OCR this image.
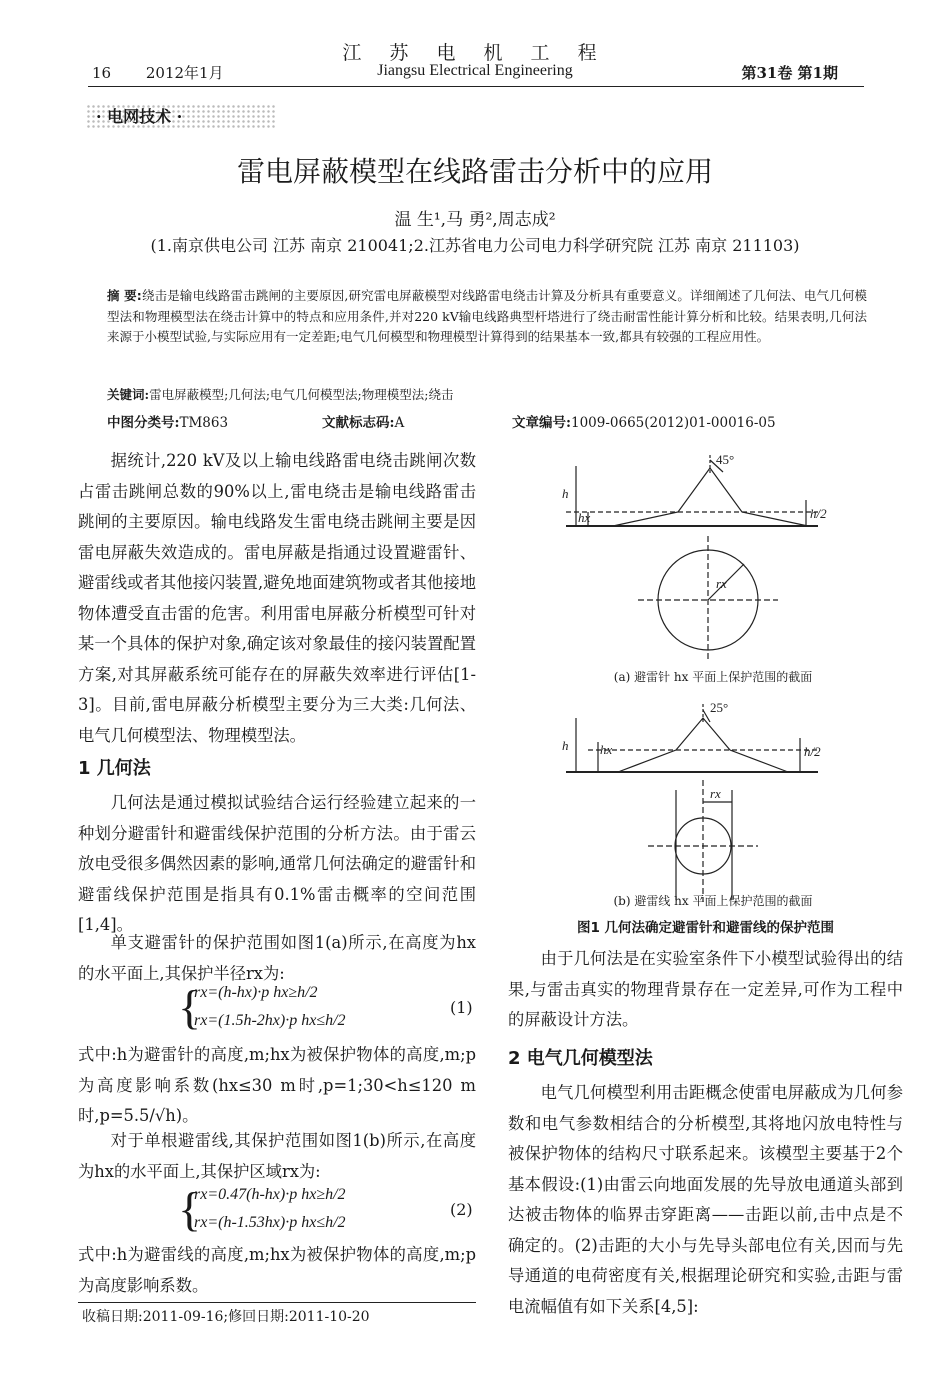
江 苏 电 机 工 程
16 2012年1月	Jiangsu Electrical Engineering	第31卷 第1期
· 电网技术 ·
雷电屏蔽模型在线路雷击分析中的应用
温 生¹,马 勇²,周志成²
(1.南京供电公司 江苏 南京 210041;2.江苏省电力公司电力科学研究院 江苏 南京 211103)
摘 要:绕击是输电线路雷击跳闸的主要原因,研究雷电屏蔽模型对线路雷电绕击计算及分析具有重要意义。详细阐述了几何法、电气几何模型法和物理模型法在绕击计算中的特点和应用条件,并对220 kV输电线路典型杆塔进行了绕击耐雷性能计算分析和比较。结果表明,几何法来源于小模型试验,与实际应用有一定差距;电气几何模型和物理模型计算得到的结果基本一致,都具有较强的工程应用性。
关键词:雷电屏蔽模型;几何法;电气几何模型法;物理模型法;绕击
中图分类号:TM863	文献标志码:A	文章编号:1009-0665(2012)01-00016-05

据统计,220 kV及以上输电线路雷电绕击跳闸次数占雷击跳闸总数的90%以上,雷电绕击是输电线路雷击跳闸的主要原因。输电线路发生雷电绕击跳闸主要是因雷电屏蔽失效造成的。雷电屏蔽是指通过设置避雷针、避雷线或者其他接闪装置,避免地面建筑物或者其他接地物体遭受直击雷的危害。利用雷电屏蔽分析模型可针对某一个具体的保护对象,确定该对象最佳的接闪装置配置方案,对其屏蔽系统可能存在的屏蔽失效率进行评估[1-3]。目前,雷电屏蔽分析模型主要分为三大类:几何法、电气几何模型法、物理模型法。

1 几何法

几何法是通过模拟试验结合运行经验建立起来的一种划分避雷针和避雷线保护范围的分析方法。由于雷云放电受很多偶然因素的影响,通常几何法确定的避雷针和避雷线保护范围是指具有0.1%雷击概率的空间范围[1,4]。

单支避雷针的保护范围如图1(a)所示,在高度为hx的水平面上,其保护半径rx为:

{
rx=(h-hx)·p hx≥h/2
rx=(1.5h-2hx)·p hx≤h/2
(1)

式中:h为避雷针的高度,m;hx为被保护物体的高度,m;p为高度影响系数(hx≤30 m时,p=1;30<h≤120 m时,p=5.5/√h)。

对于单根避雷线,其保护范围如图1(b)所示,在高度为hx的水平面上,其保护区域rx为:

{
rx=0.47(h-hx)·p hx≥h/2
rx=(h-1.53hx)·p hx≤h/2
(2)

式中:h为避雷线的高度,m;hx为被保护物体的高度,m;p为高度影响系数。

收稿日期:2011-09-16;修回日期:2011-10-20
45°
h
hx	h/2
rx
25°
h hx	h/2
rx
(a) 避雷针 hx 平面上保护范围的截面
(b) 避雷线 hx 平面上保护范围的截面
图1 几何法确定避雷针和避雷线的保护范围

由于几何法是在实验室条件下小模型试验得出的结果,与雷击真实的物理背景存在一定差异,可作为工程中的屏蔽设计方法。

2 电气几何模型法

电气几何模型利用击距概念使雷电屏蔽成为几何参数和电气参数相结合的分析模型,其将地闪放电特性与被保护物体的结构尺寸联系起来。该模型主要基于2个基本假设:(1)由雷云向地面发展的先导放电通道头部到达被击物体的临界击穿距离——击距以前,击中点是不确定的。(2)击距的大小与先导头部电位有关,因而与先导通道的电荷密度有关,根据理论研究和实验,击距与雷电流幅值有如下关系[4,5]:
